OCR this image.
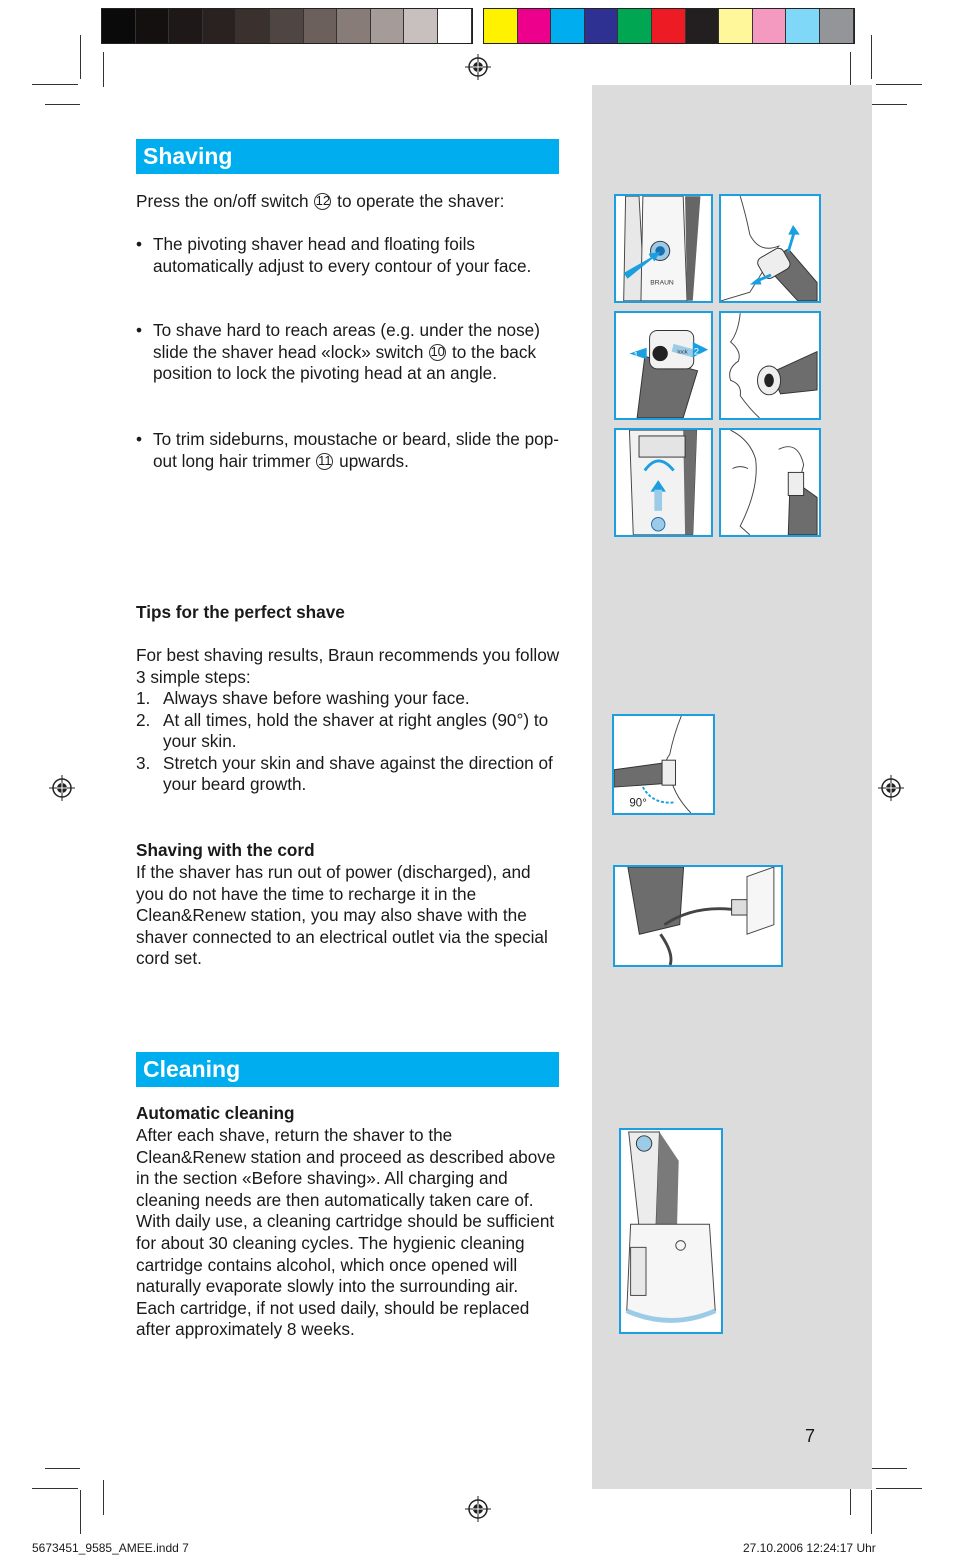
Shaving
Press the on/off switch 12 to operate the shaver:
• The pivoting shaver head and floating foils automatically adjust to every contour of your face.
• To shave hard to reach areas (e.g. under the nose) slide the shaver head «lock» switch 10 to the back position to lock the pivoting head at an angle.
• To trim sideburns, moustache or beard, slide the pop-out long hair trimmer 11 upwards.
Tips for the perfect shave
For best shaving results, Braun recommends you follow 3 simple steps:
1. Always shave before washing your face.
2. At all times, hold the shaver at right angles (90°) to your skin.
3. Stretch your skin and shave against the direction of your beard growth.
Shaving with the cord
If the shaver has run out of power (discharged), and you do not have the time to recharge it in the Clean&Renew station, you may also shave with the shaver connected to an electrical outlet via the special cord set.
Cleaning
Automatic cleaning
After each shave, return the shaver to the Clean&Renew station and proceed as described above in the section «Before shaving». All charging and cleaning needs are then automatically taken care of. With daily use, a cleaning cartridge should be sufficient for about 30 cleaning cycles. The hygienic cleaning cartridge contains alcohol, which once opened will naturally evaporate slowly into the surrounding air. Each cartridge, if not used daily, should be replaced after approximately 8 weeks.
BRAUN
1	2
lock
90°
7
5673451_9585_AMEE.indd 7	27.10.2006 12:24:17 Uhr
